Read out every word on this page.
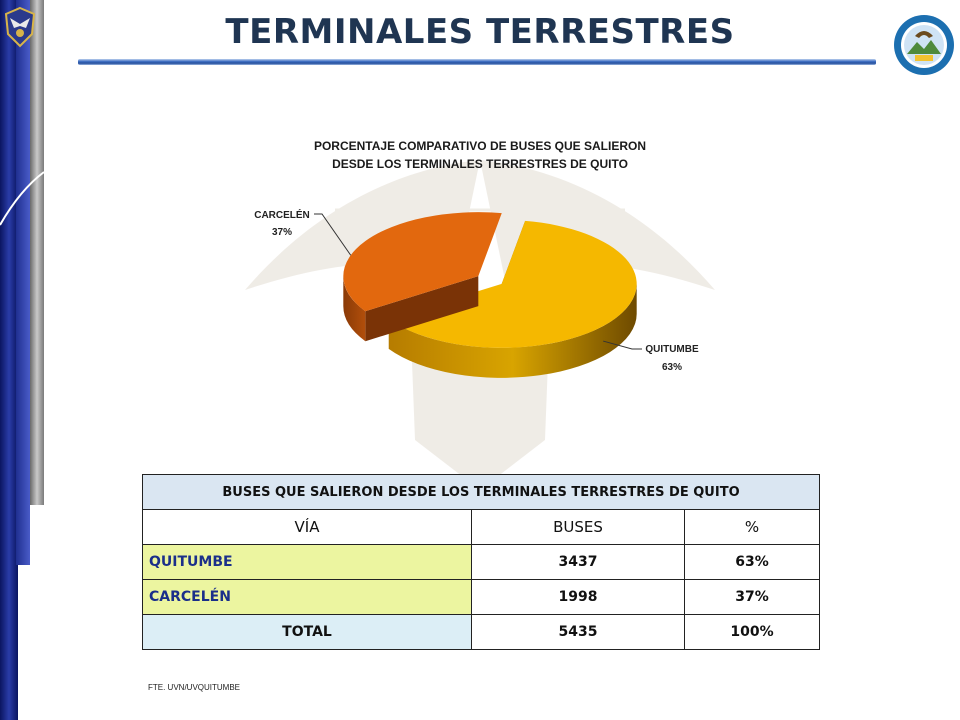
TERMINALES TERRESTRES
CARCELÉN
37%
QUITUMBE
63%
PORCENTAJE COMPARATIVO DE BUSES QUE SALIERON
DESDE LOS TERMINALES TERRESTRES DE QUITO
BUSES QUE SALIERON DESDE LOS TERMINALES TERRESTRES DE QUITO		
VÍA	BUSES	%
QUITUMBE	3437	63%
CARCELÉN	1998	37%
TOTAL	5435	100%
FTE. UVN/UVQUITUMBE
